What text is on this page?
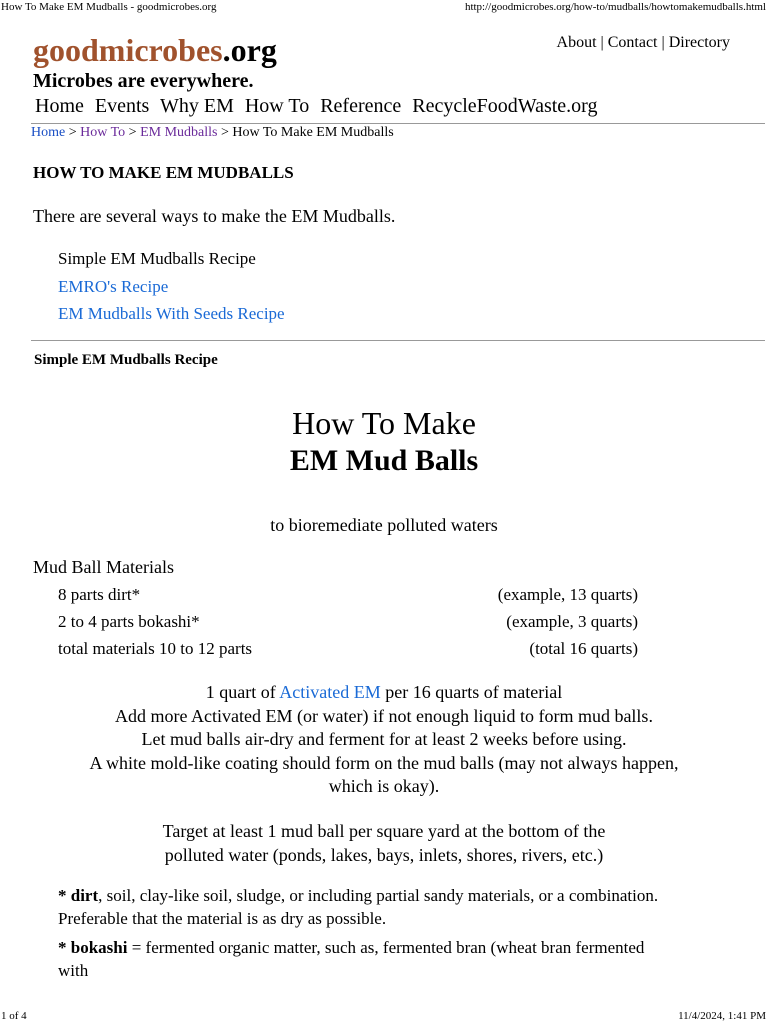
How To Make EM Mudballs - goodmicrobes.org	http://goodmicrobes.org/how-to/mudballs/howtomakemudballs.html
goodmicrobes.org	About | Contact | Directory
Microbes are everywhere.
Home Events Why EM How To Reference RecycleFoodWaste.org
Home > How To > EM Mudballs > How To Make EM Mudballs
HOW TO MAKE EM MUDBALLS
There are several ways to make the EM Mudballs.
Simple EM Mudballs Recipe
EMRO's Recipe
EM Mudballs With Seeds Recipe
Simple EM Mudballs Recipe
How To Make
EM Mud Balls
to bioremediate polluted waters
Mud Ball Materials
8 parts dirt*	(example, 13 quarts)
2 to 4 parts bokashi*	(example, 3 quarts)
total materials 10 to 12 parts	(total 16 quarts)
1 quart of Activated EM per 16 quarts of material
Add more Activated EM (or water) if not enough liquid to form mud balls.
Let mud balls air-dry and ferment for at least 2 weeks before using.
A white mold-like coating should form on the mud balls (may not always happen,
which is okay).
Target at least 1 mud ball per square yard at the bottom of the
polluted water (ponds, lakes, bays, inlets, shores, rivers, etc.)

* dirt, soil, clay-like soil, sludge, or including partial sandy materials, or a combination.

Preferable that the material is as dry as possible.

* bokashi = fermented organic matter, such as, fermented bran (wheat bran fermented with

1 of 4	11/4/2024, 1:41 PM
